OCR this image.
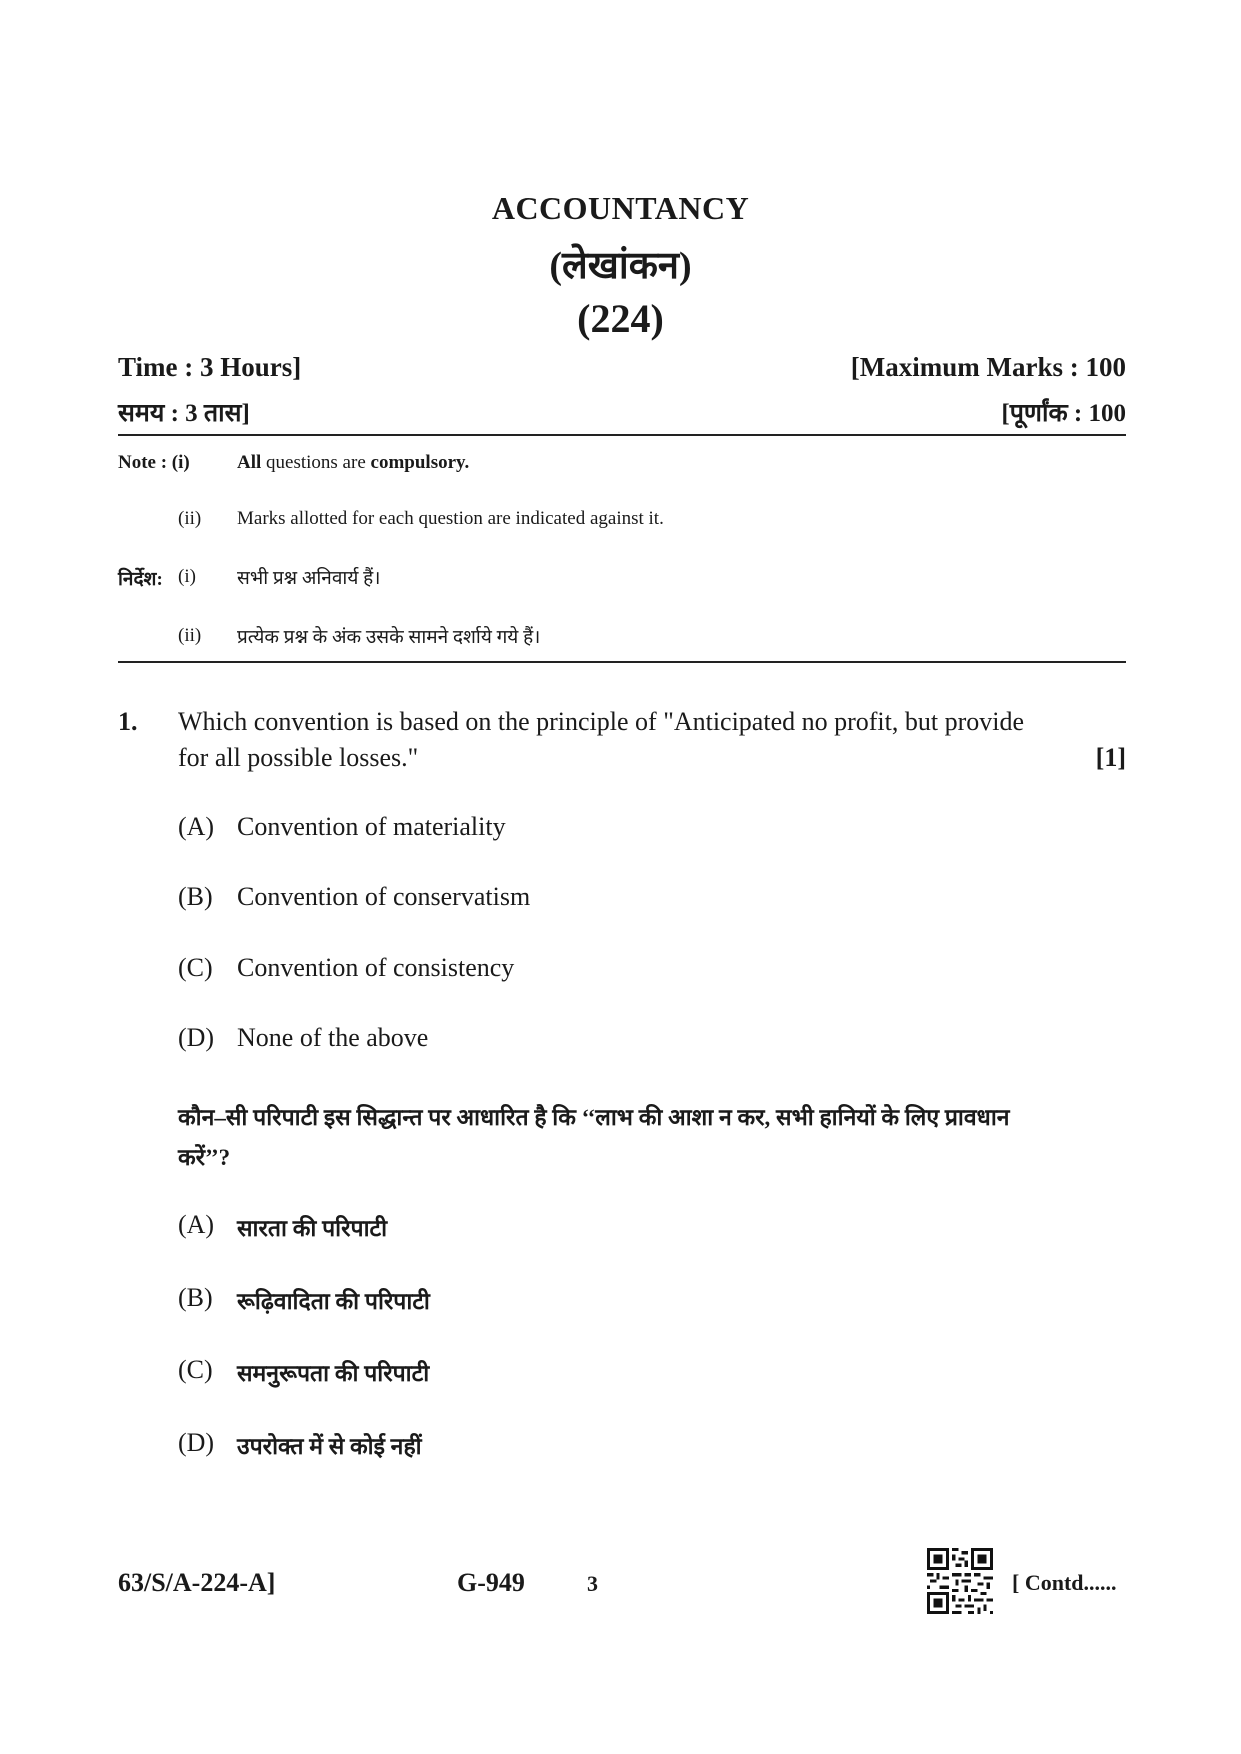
ACCOUNTANCY
(लेखांकन)
(224)
Time : 3 Hours]	[Maximum Marks : 100
समय : 3 तास]	[पूर्णांक : 100
Note : (i) All questions are compulsory.
(ii) Marks allotted for each question are indicated against it.
निर्देश: (i) सभी प्रश्न अनिवार्य हैं।
(ii) प्रत्येक प्रश्न के अंक उसके सामने दर्शाये गये हैं।
1. Which convention is based on the principle of "Anticipated no profit, but provide
for all possible losses."	[1]
(A) Convention of materiality
(B) Convention of conservatism
(C) Convention of consistency
(D) None of the above
कौन–सी परिपाटी इस सिद्धान्त पर आधारित है कि ‘‘लाभ की आशा न कर, सभी हानियों के लिए प्रावधान
करें’’?
(A) सारता की परिपाटी
(B) रूढ़िवादिता की परिपाटी
(C) समनुरूपता की परिपाटी
(D) उपरोक्त में से कोई नहीं
63/S/A-224-A]	G-949	3	[ Contd......
